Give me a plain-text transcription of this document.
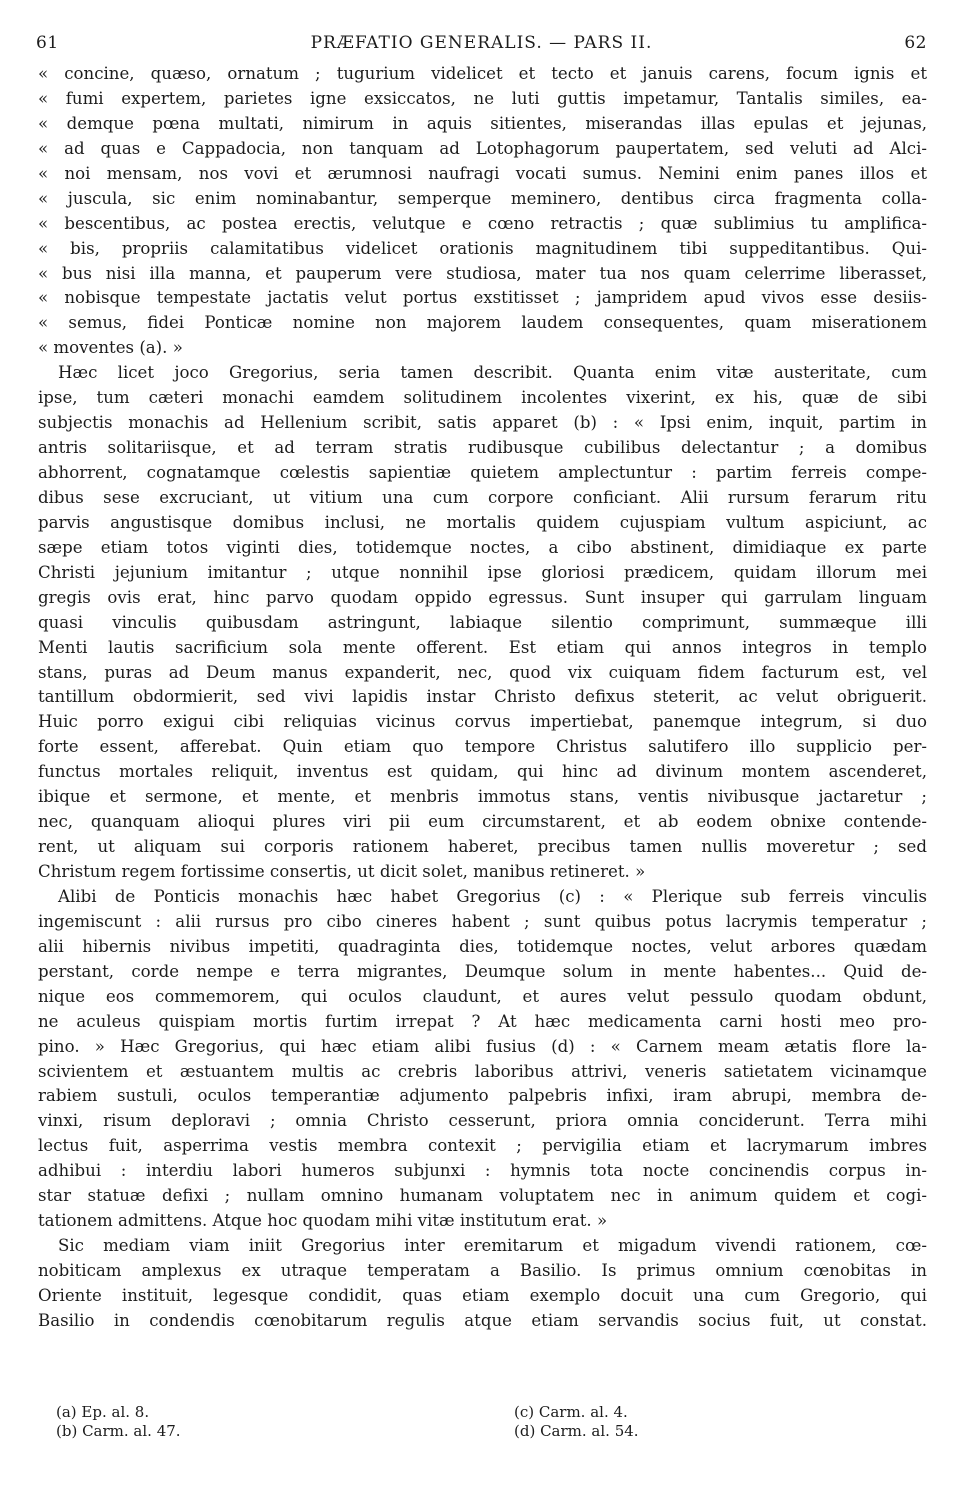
61	PRÆFATIO GENERALIS. — PARS II.	62
« concine, quæso, ornatum ; tugurium videlicet et tecto et januis carens, focum ignis et
« fumi expertem, parietes igne exsiccatos, ne luti guttis impetamur, Tantalis similes, ea-
« demque pœna multati, nimirum in aquis sitientes, miserandas illas epulas et jejunas,
« ad quas e Cappadocia, non tanquam ad Lotophagorum paupertatem, sed veluti ad Alci-
« noi mensam, nos vovi et ærumnosi naufragi vocati sumus. Nemini enim panes illos et
« juscula, sic enim nominabantur, semperque meminero, dentibus circa fragmenta colla-
« bescentibus, ac postea erectis, velutque e cœno retractis ; quæ sublimius tu amplifica-
« bis, propriis calamitatibus videlicet orationis magnitudinem tibi suppeditantibus. Qui-
« bus nisi illa manna, et pauperum vere studiosa, mater tua nos quam celerrime liberasset,
« nobisque tempestate jactatis velut portus exstitisset ; jampridem apud vivos esse desiis-
« semus, fidei Ponticæ nomine non majorem laudem consequentes, quam miserationem
« moventes (a). »
Hæc licet joco Gregorius, seria tamen describit. Quanta enim vitæ austeritate, cum
ipse, tum cæteri monachi eamdem solitudinem incolentes vixerint, ex his, quæ de sibi
subjectis monachis ad Hellenium scribit, satis apparet (b) : « Ipsi enim, inquit, partim in
antris solitariisque, et ad terram stratis rudibusque cubilibus delectantur ; a domibus
abhorrent, cognatamque cœlestis sapientiæ quietem amplectuntur : partim ferreis compe-
dibus sese excruciant, ut vitium una cum corpore conficiant. Alii rursum ferarum ritu
parvis angustisque domibus inclusi, ne mortalis quidem cujuspiam vultum aspiciunt, ac
sæpe etiam totos viginti dies, totidemque noctes, a cibo abstinent, dimidiaque ex parte
Christi jejunium imitantur ; utque nonnihil ipse gloriosi prædicem, quidam illorum mei
gregis ovis erat, hinc parvo quodam oppido egressus. Sunt insuper qui garrulam linguam
quasi vinculis quibusdam astringunt, labiaque silentio comprimunt, summæque illi
Menti lautis sacrificium sola mente offerent. Est etiam qui annos integros in templo
stans, puras ad Deum manus expanderit, nec, quod vix cuiquam fidem facturum est, vel
tantillum obdormierit, sed vivi lapidis instar Christo defixus steterit, ac velut obriguerit.
Huic porro exigui cibi reliquias vicinus corvus impertiebat, panemque integrum, si duo
forte essent, afferebat. Quin etiam quo tempore Christus salutifero illo supplicio per-
functus mortales reliquit, inventus est quidam, qui hinc ad divinum montem ascenderet,
ibique et sermone, et mente, et menbris immotus stans, ventis nivibusque jactaretur ;
nec, quanquam alioqui plures viri pii eum circumstarent, et ab eodem obnixe contende-
rent, ut aliquam sui corporis rationem haberet, precibus tamen nullis moveretur ; sed
Christum regem fortissime consertis, ut dicit solet, manibus retineret. »
Alibi de Ponticis monachis hæc habet Gregorius (c) : « Plerique sub ferreis vinculis
ingemiscunt : alii rursus pro cibo cineres habent ; sunt quibus potus lacrymis temperatur ;
alii hibernis nivibus impetiti, quadraginta dies, totidemque noctes, velut arbores quædam
perstant, corde nempe e terra migrantes, Deumque solum in mente habentes... Quid de-
nique eos commemorem, qui oculos claudunt, et aures velut pessulo quodam obdunt,
ne aculeus quispiam mortis furtim irrepat ? At hæc medicamenta carni hosti meo pro-
pino. » Hæc Gregorius, qui hæc etiam alibi fusius (d) : « Carnem meam ætatis flore la-
scivientem et æstuantem multis ac crebris laboribus attrivi, veneris satietatem vicinamque
rabiem sustuli, oculos temperantiæ adjumento palpebris infixi, iram abrupi, membra de-
vinxi, risum deploravi ; omnia Christo cesserunt, priora omnia conciderunt. Terra mihi
lectus fuit, asperrima vestis membra contexit ; pervigilia etiam et lacrymarum imbres
adhibui : interdiu labori humeros subjunxi : hymnis tota nocte concinendis corpus in-
star statuæ defixi ; nullam omnino humanam voluptatem nec in animum quidem et cogi-
tationem admittens. Atque hoc quodam mihi vitæ institutum erat. »
Sic mediam viam iniit Gregorius inter eremitarum et migadum vivendi rationem, cœ-
nobiticam amplexus ex utraque temperatam a Basilio. Is primus omnium cœnobitas in
Oriente instituit, legesque condidit, quas etiam exemplo docuit una cum Gregorio, qui
Basilio in condendis cœnobitarum regulis atque etiam servandis socius fuit, ut constat.
(a) Ep. al. 8.
(b) Carm. al. 47.
(c) Carm. al. 4.
(d) Carm. al. 54.
